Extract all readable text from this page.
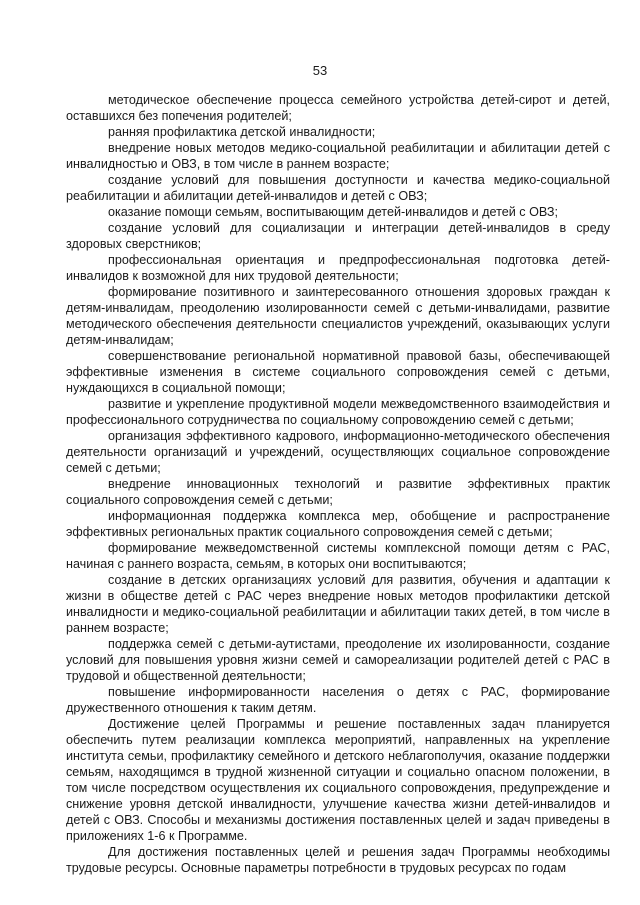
53

методическое обеспечение процесса семейного устройства детей-сирот и детей, оставшихся без попечения родителей;

ранняя профилактика детской инвалидности;

внедрение новых методов медико-социальной реабилитации и абилитации детей с инвалидностью и ОВЗ, в том числе в раннем возрасте;

создание условий для повышения доступности и качества медико-социальной реабилитации и абилитации детей-инвалидов и детей с ОВЗ;

оказание помощи семьям, воспитывающим детей-инвалидов и детей с ОВЗ;

создание условий для социализации и интеграции детей-инвалидов в среду здоровых сверстников;

профессиональная ориентация и предпрофессиональная подготовка детей-инвалидов к возможной для них трудовой деятельности;

формирование позитивного и заинтересованного отношения здоровых граждан к детям-инвалидам, преодолению изолированности семей с детьми-инвалидами, развитие методического обеспечения деятельности специалистов учреждений, оказывающих услуги детям-инвалидам;

совершенствование региональной нормативной правовой базы, обеспечивающей эффективные изменения в системе социального сопровождения семей с детьми, нуждающихся в социальной помощи;

развитие и укрепление продуктивной модели межведомственного взаимодействия и профессионального сотрудничества по социальному сопровождению семей с детьми;

организация эффективного кадрового, информационно-методического обеспечения деятельности организаций и учреждений, осуществляющих социальное сопровождение семей с детьми;

внедрение инновационных технологий и развитие эффективных практик социального сопровождения семей с детьми;

информационная поддержка комплекса мер, обобщение и распространение эффективных региональных практик социального сопровождения семей с детьми;

формирование межведомственной системы комплексной помощи детям с РАС, начиная с раннего возраста, семьям, в которых они воспитываются;

создание в детских организациях условий для развития, обучения и адаптации к жизни в обществе детей с РАС через внедрение новых методов профилактики детской инвалидности и медико-социальной реабилитации и абилитации таких детей, в том числе в раннем возрасте;

поддержка семей с детьми-аутистами, преодоление их изолированности, создание условий для повышения уровня жизни семей и самореализации родителей детей с РАС в трудовой и общественной деятельности;

повышение информированности населения о детях с РАС, формирование дружественного отношения к таким детям.

Достижение целей Программы и решение поставленных задач планируется обеспечить путем реализации комплекса мероприятий, направленных на укрепление института семьи, профилактику семейного и детского неблагополучия, оказание поддержки семьям, находящимся в трудной жизненной ситуации и социально опасном положении, в том числе посредством осуществления их социального сопровождения, предупреждение и снижение уровня детской инвалидности, улучшение качества жизни детей-инвалидов и детей с ОВЗ. Способы и механизмы достижения поставленных целей и задач приведены в приложениях 1-6 к Программе.

Для достижения поставленных целей и решения задач Программы необходимы трудовые ресурсы. Основные параметры потребности в трудовых ресурсах по годам
